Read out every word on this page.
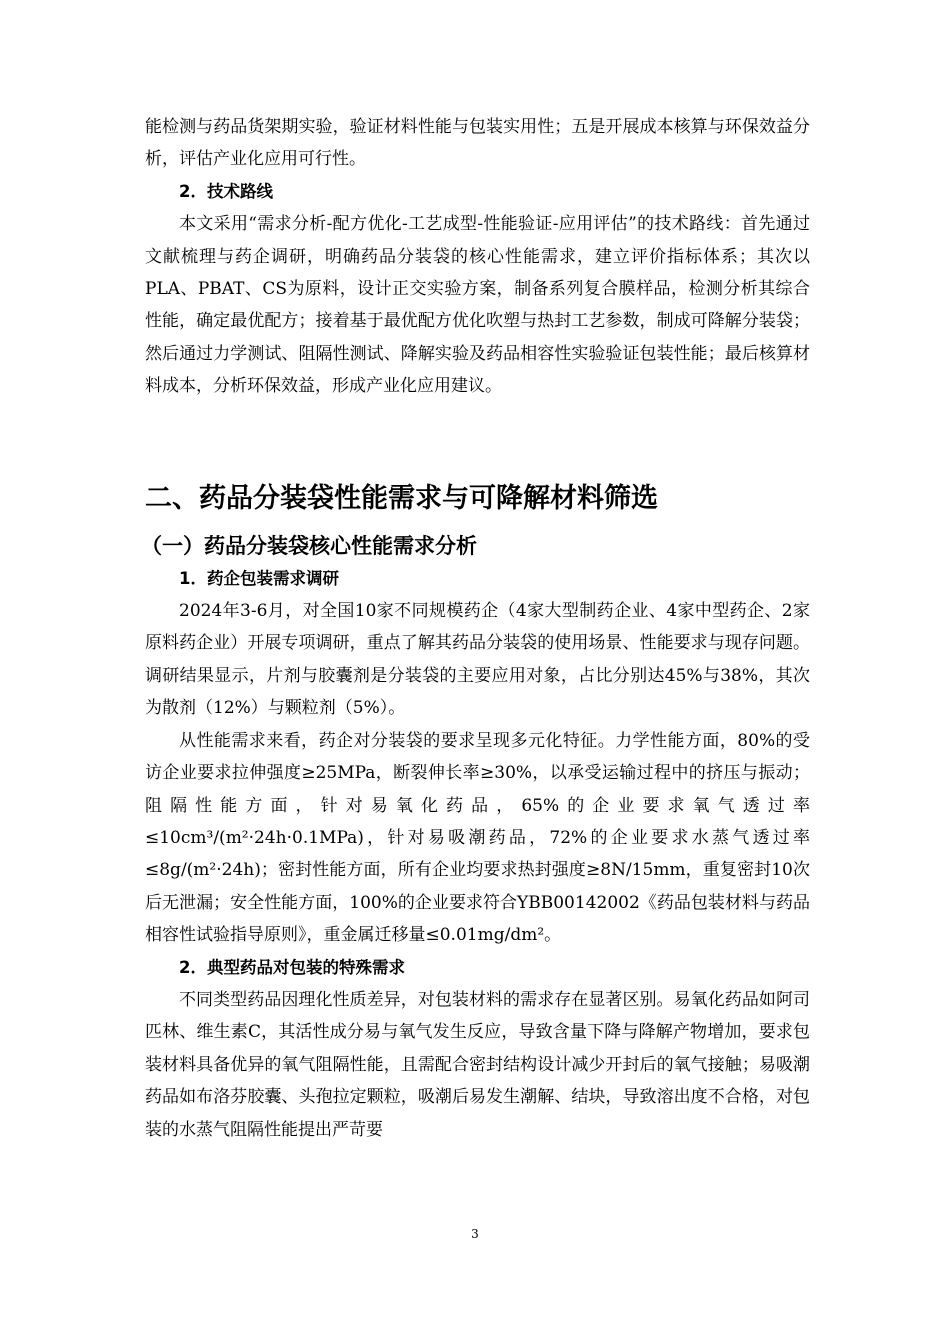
能检测与药品货架期实验，验证材料性能与包装实用性；五是开展成本核算与环保效益分析，评估产业化应用可行性。

2．技术路线

本文采用“需求分析-配方优化-工艺成型-性能验证-应用评估”的技术路线：首先通过文献梳理与药企调研，明确药品分装袋的核心性能需求，建立评价指标体系；其次以PLA、PBAT、CS为原料，设计正交实验方案，制备系列复合膜样品，检测分析其综合性能，确定最优配方；接着基于最优配方优化吹塑与热封工艺参数，制成可降解分装袋；然后通过力学测试、阻隔性测试、降解实验及药品相容性实验验证包装性能；最后核算材料成本，分析环保效益，形成产业化应用建议。

二、药品分装袋性能需求与可降解材料筛选
（一）药品分装袋核心性能需求分析
1．药企包装需求调研

2024年3-6月，对全国10家不同规模药企（4家大型制药企业、4家中型药企、2家原料药企业）开展专项调研，重点了解其药品分装袋的使用场景、性能要求与现存问题。调研结果显示，片剂与胶囊剂是分装袋的主要应用对象，占比分别达45%与38%，其次为散剂（12%）与颗粒剂（5%）。

从性能需求来看，药企对分装袋的要求呈现多元化特征。力学性能方面，80%的受访企业要求拉伸强度≥25MPa，断裂伸长率≥30%，以承受运输过程中的挤压与振动；阻隔性能方面，针对易氧化药品，65%的企业要求氧气透过率≤10cm³/(m²·24h·0.1MPa)，针对易吸潮药品，72%的企业要求水蒸气透过率≤8g/(m²·24h)；密封性能方面，所有企业均要求热封强度≥8N/15mm，重复密封10次后无泄漏；安全性能方面，100%的企业要求符合YBB00142002《药品包装材料与药品相容性试验指导原则》，重金属迁移量≤0.01mg/dm²。

2．典型药品对包装的特殊需求

不同类型药品因理化性质差异，对包装材料的需求存在显著区别。易氧化药品如阿司匹林、维生素C，其活性成分易与氧气发生反应，导致含量下降与降解产物增加，要求包装材料具备优异的氧气阻隔性能，且需配合密封结构设计减少开封后的氧气接触；易吸潮药品如布洛芬胶囊、头孢拉定颗粒，吸潮后易发生潮解、结块，导致溶出度不合格，对包装的水蒸气阻隔性能提出严苛要

3
